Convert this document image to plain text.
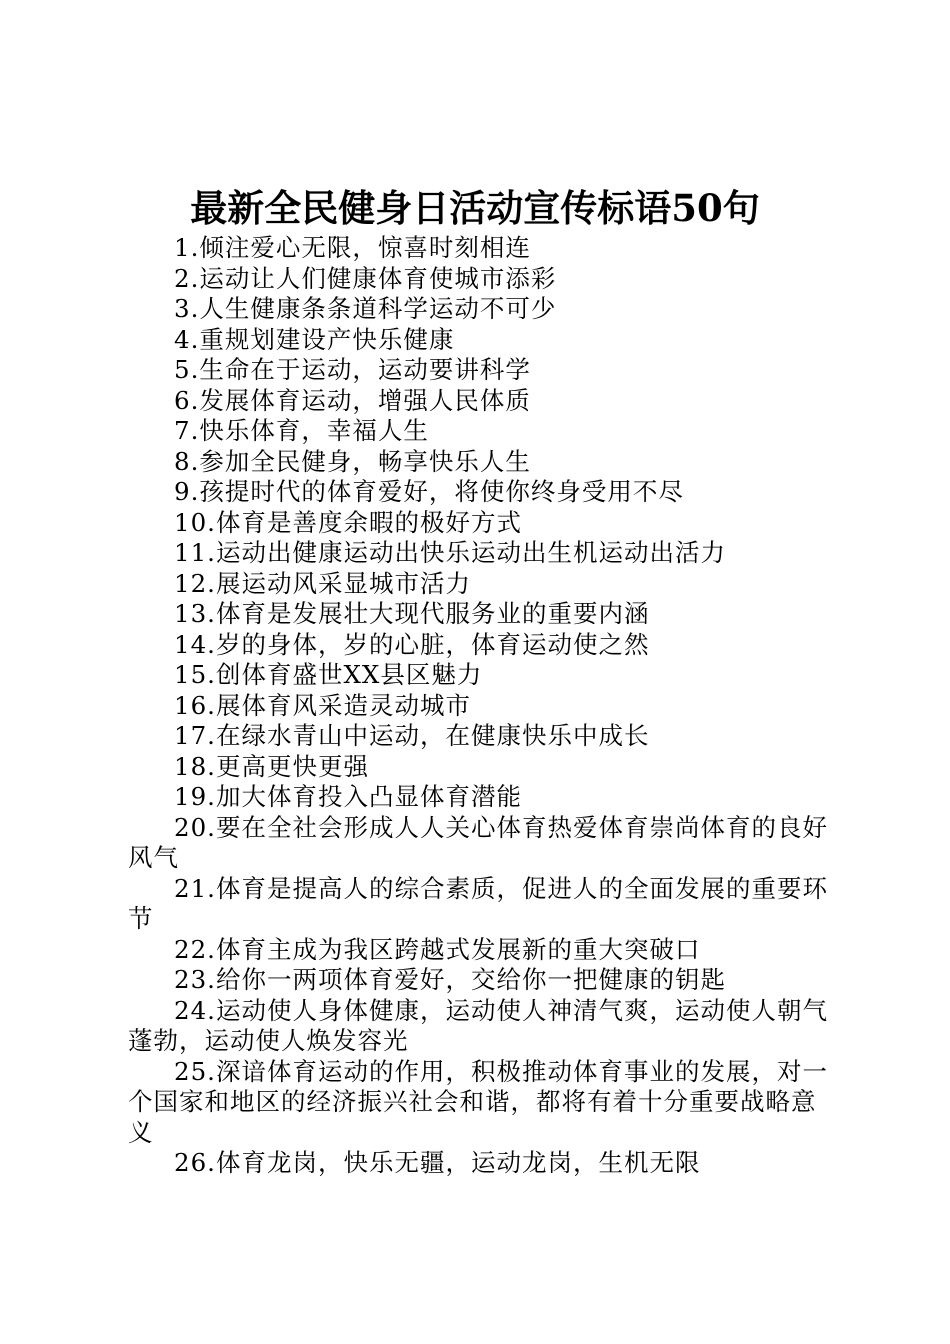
最新全民健身日活动宣传标语50句

1.倾注爱心无限，惊喜时刻相连

2.运动让人们健康体育使城市添彩

3.人生健康条条道科学运动不可少

4.重规划建设产快乐健康

5.生命在于运动，运动要讲科学

6.发展体育运动，增强人民体质

7.快乐体育，幸福人生

8.参加全民健身，畅享快乐人生

9.孩提时代的体育爱好，将使你终身受用不尽

10.体育是善度余暇的极好方式

11.运动出健康运动出快乐运动出生机运动出活力

12.展运动风采显城市活力

13.体育是发展壮大现代服务业的重要内涵

14.岁的身体，岁的心脏，体育运动使之然

15.创体育盛世XX县区魅力

16.展体育风采造灵动城市

17.在绿水青山中运动，在健康快乐中成长

18.更高更快更强

19.加大体育投入凸显体育潜能

20.要在全社会形成人人关心体育热爱体育崇尚体育的良好风气

21.体育是提高人的综合素质，促进人的全面发展的重要环节

22.体育主成为我区跨越式发展新的重大突破口

23.给你一两项体育爱好，交给你一把健康的钥匙

24.运动使人身体健康，运动使人神清气爽，运动使人朝气蓬勃，运动使人焕发容光

25.深谙体育运动的作用，积极推动体育事业的发展，对一个国家和地区的经济振兴社会和谐，都将有着十分重要战略意义

26.体育龙岗，快乐无疆，运动龙岗，生机无限
